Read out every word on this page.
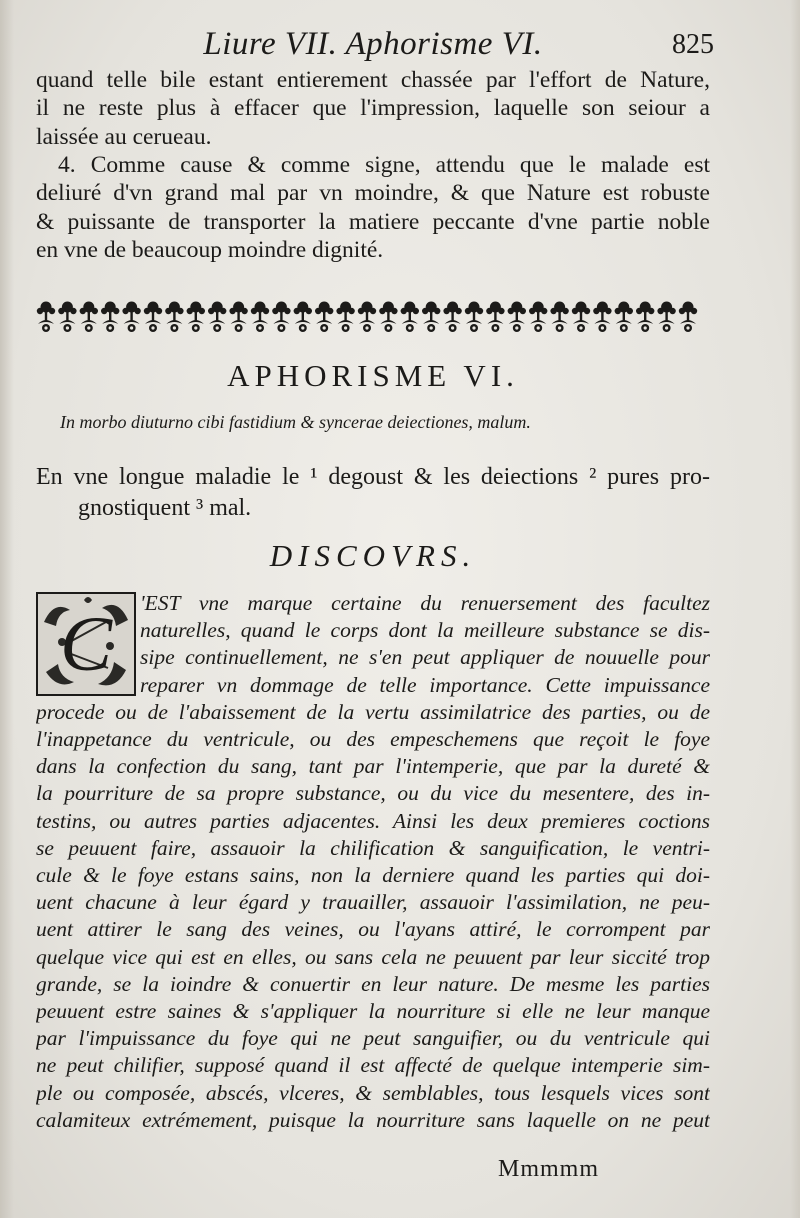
Liure VII. Aphorisme VI.	825
quand telle bile estant entierement chassée par l'effort de Nature,
il ne reste plus à effacer que l'impression, laquelle son seiour a
laissée au cerueau.
4. Comme cause & comme signe, attendu que le malade est
deliuré d'vn grand mal par vn moindre, & que Nature est robuste
& puissante de transporter la matiere peccante d'vne partie noble
en vne de beaucoup moindre dignité.
APHORISME VI.
In morbo diuturno cibi fastidium & syncerae deiectiones, malum.
En vne longue maladie le ¹ degoust & les deiections ² pures pro-
gnostiquent ³ mal.
DISCOVRS.
C	'EST vne marque certaine du renuersement des facultez
naturelles, quand le corps dont la meilleure substance se dis-
sipe continuellement, ne s'en peut appliquer de nouuelle pour
reparer vn dommage de telle importance. Cette impuissance
procede ou de l'abaissement de la vertu assimilatrice des parties, ou de
l'inappetance du ventricule, ou des empeschemens que reçoit le foye
dans la confection du sang, tant par l'intemperie, que par la dureté &
la pourriture de sa propre substance, ou du vice du mesentere, des in-
testins, ou autres parties adjacentes. Ainsi les deux premieres coctions
se peuuent faire, assauoir la chilification & sanguification, le ventri-
cule & le foye estans sains, non la derniere quand les parties qui doi-
uent chacune à leur égard y trauailler, assauoir l'assimilation, ne peu-
uent attirer le sang des veines, ou l'ayans attiré, le corrompent par
quelque vice qui est en elles, ou sans cela ne peuuent par leur siccité trop
grande, se la ioindre & conuertir en leur nature. De mesme les parties
peuuent estre saines & s'appliquer la nourriture si elle ne leur manque
par l'impuissance du foye qui ne peut sanguifier, ou du ventricule qui
ne peut chilifier, supposé quand il est affecté de quelque intemperie sim-
ple ou composée, abscés, vlceres, & semblables, tous lesquels vices sont
calamiteux extrémement, puisque la nourriture sans laquelle on ne peut
Mmmmm
